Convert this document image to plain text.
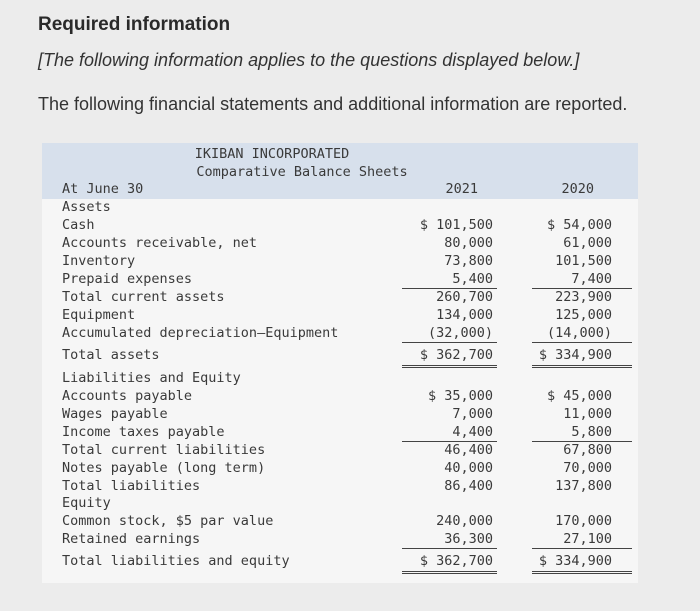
Required information
[The following information applies to the questions displayed below.]
The following financial statements and additional information are reported.
IKIBAN INCORPORATED
Comparative Balance Sheets
At June 30	2021	2020
Assets
Cash	$ 101,500	$ 54,000
Accounts receivable, net	80,000	61,000
Inventory	73,800	101,500
Prepaid expenses	5,400	7,400
Total current assets	260,700	223,900
Equipment	134,000	125,000
Accumulated depreciation–Equipment	(32,000)	(14,000)
Total assets	$ 362,700	$ 334,900
Liabilities and Equity
Accounts payable	$ 35,000	$ 45,000
Wages payable	7,000	11,000
Income taxes payable	4,400	5,800
Total current liabilities	46,400	67,800
Notes payable (long term)	40,000	70,000
Total liabilities	86,400	137,800
Equity
Common stock, $5 par value	240,000	170,000
Retained earnings	36,300	27,100
Total liabilities and equity	$ 362,700	$ 334,900
